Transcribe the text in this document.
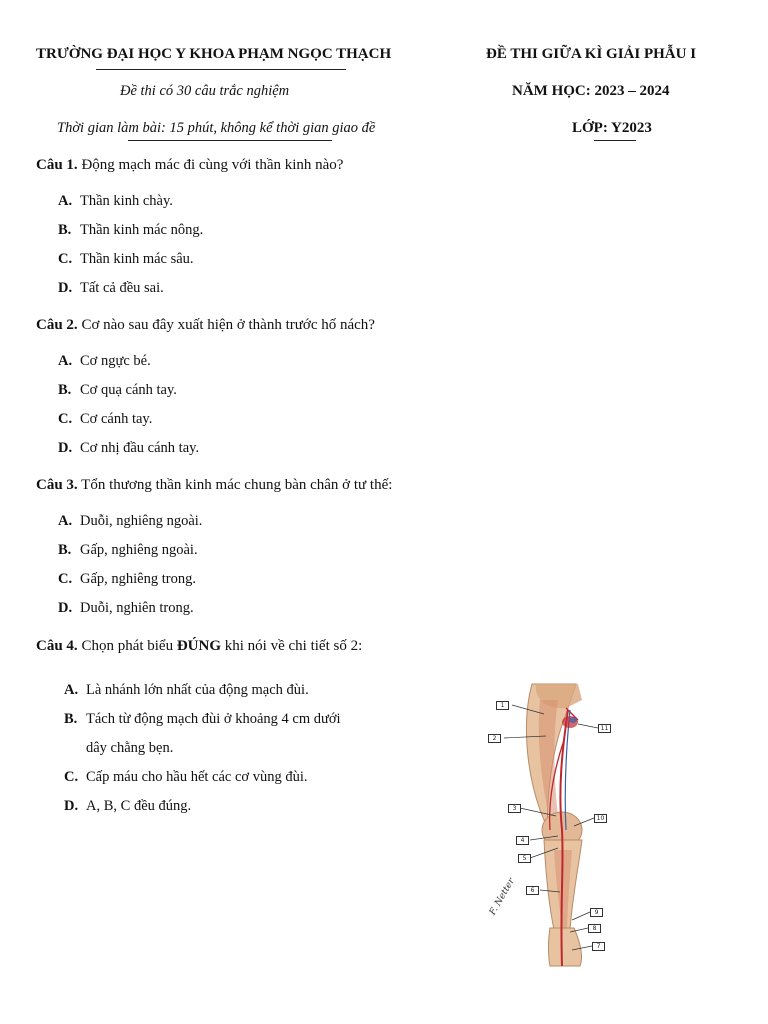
TRƯỜNG ĐẠI HỌC Y KHOA PHẠM NGỌC THẠCH	ĐỀ THI GIỮA KÌ GIẢI PHẪU I
Đề thi có 30 câu trắc nghiệm	NĂM HỌC: 2023 – 2024
Thời gian làm bài: 15 phút, không kể thời gian giao đề	LỚP: Y2023
Câu 1. Động mạch mác đi cùng với thần kinh nào?
A. Thần kinh chày.
B. Thần kinh mác nông.
C. Thần kinh mác sâu.
D. Tất cả đều sai.
Câu 2. Cơ nào sau đây xuất hiện ở thành trước hố nách?
A. Cơ ngực bé.
B. Cơ quạ cánh tay.
C. Cơ cánh tay.
D. Cơ nhị đầu cánh tay.
Câu 3. Tổn thương thần kinh mác chung bàn chân ở tư thế:
A. Duỗi, nghiêng ngoài.
B. Gấp, nghiêng ngoài.
C. Gấp, nghiêng trong.
D. Duỗi, nghiên trong.
Câu 4. Chọn phát biểu ĐÚNG khi nói về chi tiết số 2:
A. Là nhánh lớn nhất của động mạch đùi.
B. Tách từ động mạch đùi ở khoảng 4 cm dưới
dây chằng bẹn.
C. Cấp máu cho hầu hết các cơ vùng đùi.
D. A, B, C đều đúng.
1
2
3
4
5
6
7
8
9
10
11
F. Netter
